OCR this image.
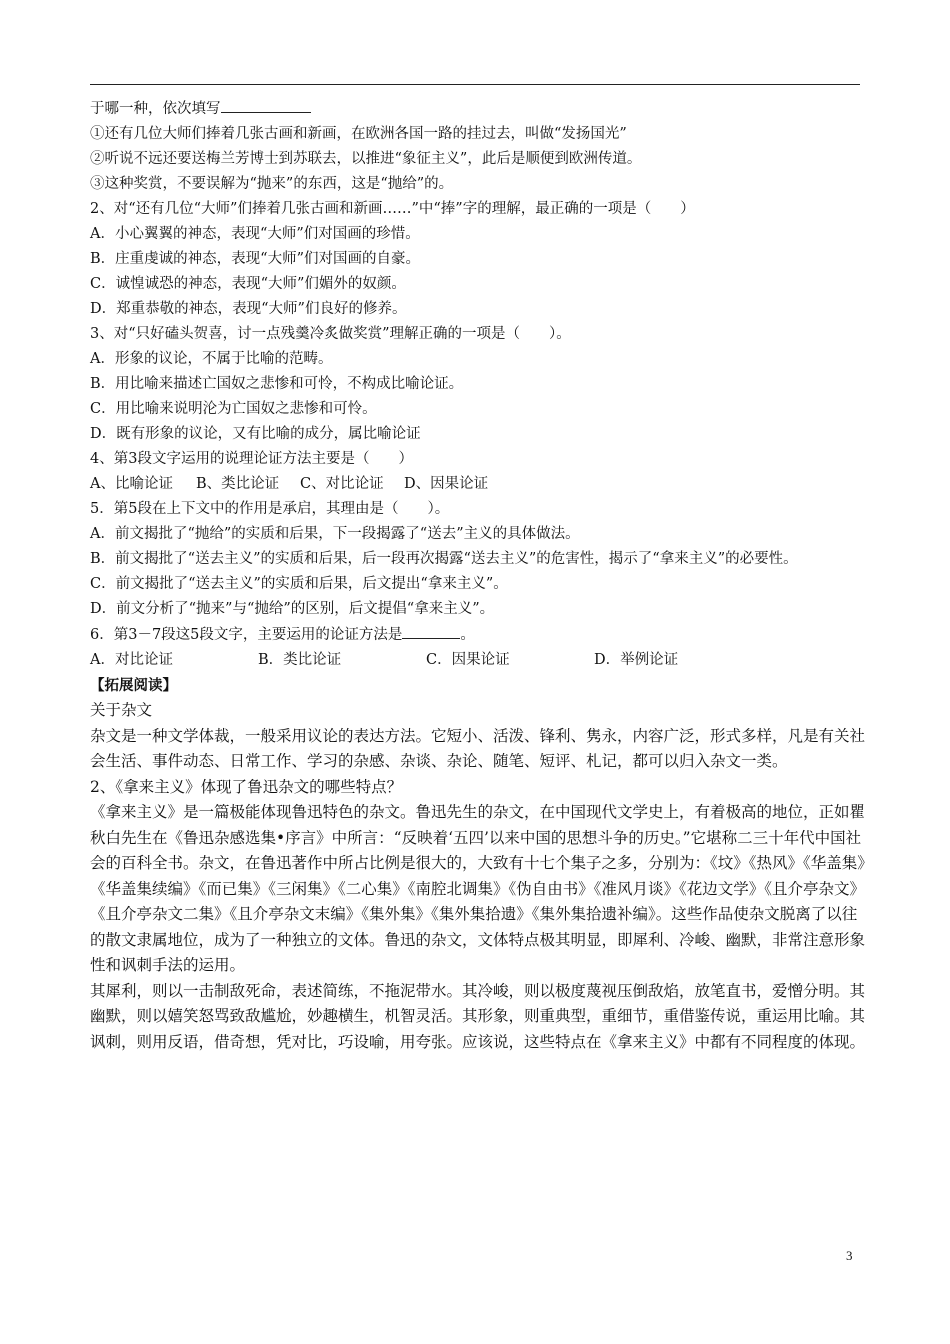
于哪一种，依次填写
①还有几位大师们捧着几张古画和新画，在欧洲各国一路的挂过去，叫做“发扬国光”
②听说不远还要送梅兰芳博士到苏联去，以推进“象征主义”，此后是顺便到欧洲传道。
③这种奖赏，不要误解为“抛来”的东西，这是“抛给”的。
2、对“还有几位“大师”们捧着几张古画和新画……”中“捧”字的理解，最正确的一项是（　　）
A．小心翼翼的神态，表现“大师”们对国画的珍惜。
B．庄重虔诚的神态，表现“大师”们对国画的自豪。
C．诚惶诚恐的神态，表现“大师”们媚外的奴颜。
D．郑重恭敬的神态，表现“大师”们良好的修养。
3、对“只好磕头贺喜，讨一点残羹冷炙做奖赏”理解正确的一项是（　　）。
A．形象的议论，不属于比喻的范畴。
B．用比喻来描述亡国奴之悲惨和可怜，不构成比喻论证。
C．用比喻来说明沦为亡国奴之悲惨和可怜。
D．既有形象的议论，又有比喻的成分，属比喻论证
4、第3段文字运用的说理论证方法主要是（　　）
A、比喻论证 B、类比论证 C、对比论证 D、因果论证
5．第5段在上下文中的作用是承启，其理由是（　　）。
A．前文揭批了“抛给”的实质和后果，下一段揭露了“送去”主义的具体做法。
B．前文揭批了“送去主义”的实质和后果，后一段再次揭露“送去主义”的危害性，揭示了“拿来主义”的必要性。
C．前文揭批了“送去主义”的实质和后果，后文提出“拿来主义”。
D．前文分析了“抛来”与“抛给”的区别，后文提倡“拿来主义”。
6．第3－7段这5段文字，主要运用的论证方法是	。
A．对比论证	B．类比论证	C．因果论证	D．举例论证
【拓展阅读】
关于杂文
杂文是一种文学体裁，一般采用议论的表达方法。它短小、活泼、锋利、隽永，内容广泛，形式多样，凡是有关社会生活、事件动态、日常工作、学习的杂感、杂谈、杂论、随笔、短评、札记，都可以归入杂文一类。
2、《拿来主义》体现了鲁迅杂文的哪些特点？
《拿来主义》是一篇极能体现鲁迅特色的杂文。鲁迅先生的杂文，在中国现代文学史上，有着极高的地位，正如瞿秋白先生在《鲁迅杂感选集•序言》中所言：“反映着‘五四’以来中国的思想斗争的历史。”它堪称二三十年代中国社会的百科全书。杂文，在鲁迅著作中所占比例是很大的，大致有十七个集子之多，分别为：《坟》《热风》《华盖集》《华盖集续编》《而已集》《三闲集》《二心集》《南腔北调集》《伪自由书》《准风月谈》《花边文学》《且介亭杂文》《且介亭杂文二集》《且介亭杂文末编》《集外集》《集外集拾遗》《集外集拾遗补编》。这些作品使杂文脱离了以往的散文隶属地位，成为了一种独立的文体。鲁迅的杂文，文体特点极其明显，即犀利、冷峻、幽默，非常注意形象性和讽刺手法的运用。
其犀利，则以一击制敌死命，表述简练，不拖泥带水。其冷峻，则以极度蔑视压倒敌焰，放笔直书，爱憎分明。其幽默，则以嬉笑怒骂致敌尴尬，妙趣横生，机智灵活。其形象，则重典型，重细节，重借鉴传说，重运用比喻。其讽刺，则用反语，借奇想，凭对比，巧设喻，用夸张。应该说，这些特点在《拿来主义》中都有不同程度的体现。
3
